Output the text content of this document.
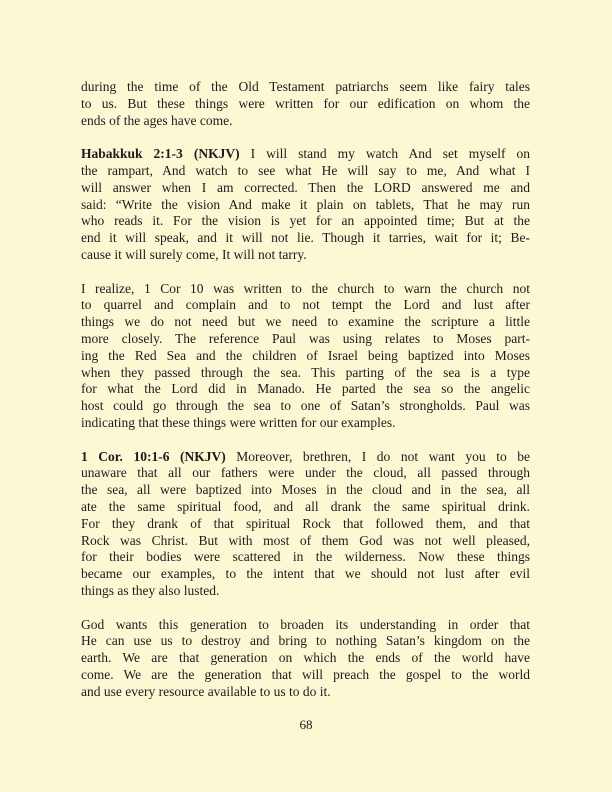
during the time of the Old Testament patriarchs seem like fairy tales
to us. But these things were written for our edification on whom the
ends of the ages have come.
Habakkuk 2:1-3 (NKJV) I will stand my watch And set myself on
the rampart, And watch to see what He will say to me, And what I
will answer when I am corrected. Then the LORD answered me and
said: “Write the vision And make it plain on tablets, That he may run
who reads it. For the vision is yet for an appointed time; But at the
end it will speak, and it will not lie. Though it tarries, wait for it; Be-
cause it will surely come, It will not tarry.
I realize, 1 Cor 10 was written to the church to warn the church not
to quarrel and complain and to not tempt the Lord and lust after
things we do not need but we need to examine the scripture a little
more closely. The reference Paul was using relates to Moses part-
ing the Red Sea and the children of Israel being baptized into Moses
when they passed through the sea. This parting of the sea is a type
for what the Lord did in Manado. He parted the sea so the angelic
host could go through the sea to one of Satan’s strongholds. Paul was
indicating that these things were written for our examples.
1 Cor. 10:1-6 (NKJV) Moreover, brethren, I do not want you to be
unaware that all our fathers were under the cloud, all passed through
the sea, all were baptized into Moses in the cloud and in the sea, all
ate the same spiritual food, and all drank the same spiritual drink.
For they drank of that spiritual Rock that followed them, and that
Rock was Christ. But with most of them God was not well pleased,
for their bodies were scattered in the wilderness. Now these things
became our examples, to the intent that we should not lust after evil
things as they also lusted.
God wants this generation to broaden its understanding in order that
He can use us to destroy and bring to nothing Satan’s kingdom on the
earth. We are that generation on which the ends of the world have
come. We are the generation that will preach the gospel to the world
and use every resource available to us to do it.
68
